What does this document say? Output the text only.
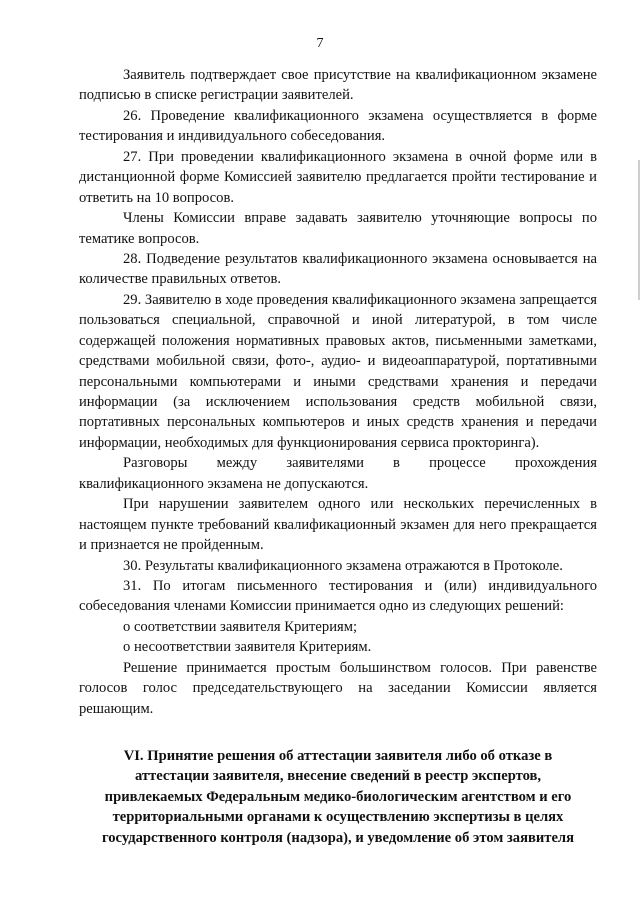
7

Заявитель подтверждает свое присутствие на квалификационном экзамене подписью в списке регистрации заявителей.

26. Проведение квалификационного экзамена осуществляется в форме тестирования и индивидуального собеседования.

27. При проведении квалификационного экзамена в очной форме или в дистанционной форме Комиссией заявителю предлагается пройти тестирование и ответить на 10 вопросов.

Члены Комиссии вправе задавать заявителю уточняющие вопросы по тематике вопросов.

28. Подведение результатов квалификационного экзамена основывается на количестве правильных ответов.

29. Заявителю в ходе проведения квалификационного экзамена запрещается пользоваться специальной, справочной и иной литературой, в том числе содержащей положения нормативных правовых актов, письменными заметками, средствами мобильной связи, фото-, аудио- и видеоаппаратурой, портативными персональными компьютерами и иными средствами хранения и передачи информации (за исключением использования средств мобильной связи, портативных персональных компьютеров и иных средств хранения и передачи информации, необходимых для функционирования сервиса прокторинга).

Разговоры между заявителями в процессе прохождения квалификационного экзамена не допускаются.

При нарушении заявителем одного или нескольких перечисленных в настоящем пункте требований квалификационный экзамен для него прекращается и признается не пройденным.

30. Результаты квалификационного экзамена отражаются в Протоколе.

31. По итогам письменного тестирования и (или) индивидуального собеседования членами Комиссии принимается одно из следующих решений:

о соответствии заявителя Критериям;

о несоответствии заявителя Критериям.

Решение принимается простым большинством голосов. При равенстве голосов голос председательствующего на заседании Комиссии является решающим.

VI. Принятие решения об аттестации заявителя либо об отказе в
аттестации заявителя, внесение сведений в реестр экспертов,
привлекаемых Федеральным медико-биологическим агентством и его
территориальными органами к осуществлению экспертизы в целях
государственного контроля (надзора), и уведомление об этом заявителя
